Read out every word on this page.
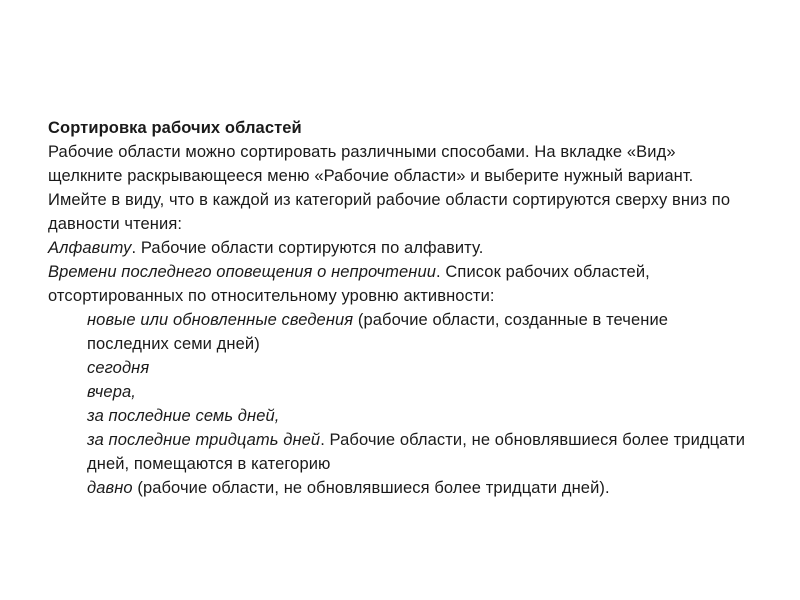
Сортировка рабочих областей

Рабочие области можно сортировать различными способами. На вкладке «Вид» щелкните раскрывающееся меню «Рабочие области» и выберите нужный вариант. Имейте в виду, что в каждой из категорий рабочие области сортируются сверху вниз по давности чтения:

Алфавиту. Рабочие области сортируются по алфавиту.

Времени последнего оповещения о непрочтении. Список рабочих областей, отсортированных по относительному уровню активности:

новые или обновленные сведения (рабочие области, созданные в течение последних семи дней)

сегодня

вчера,

за последние семь дней,

за последние тридцать дней. Рабочие области, не обновлявшиеся более тридцати дней, помещаются в категорию

давно (рабочие области, не обновлявшиеся более тридцати дней).
